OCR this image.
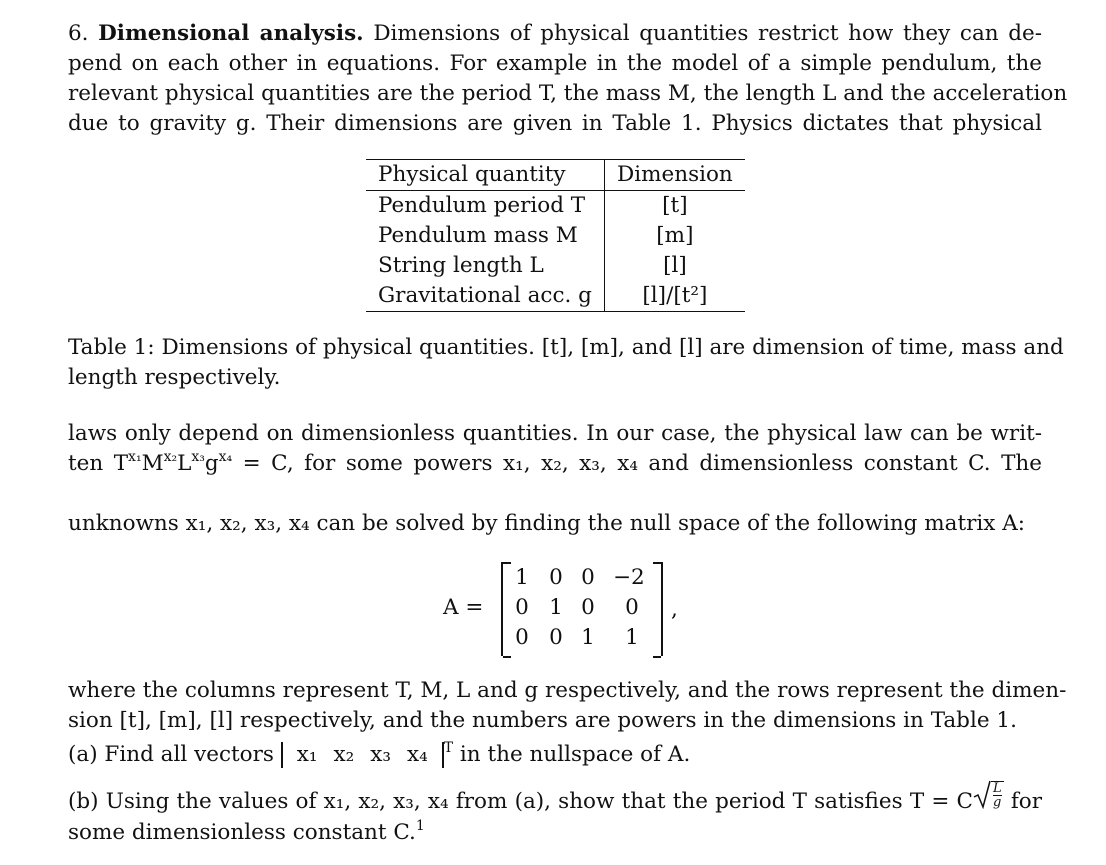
6. Dimensional analysis. Dimensions of physical quantities restrict how they can de-
pend on each other in equations. For example in the model of a simple pendulum, the
relevant physical quantities are the period T, the mass M, the length L and the acceleration
due to gravity g. Their dimensions are given in Table 1. Physics dictates that physical
Physical quantity	Dimension
Pendulum period T	[t]
Pendulum mass M	[m]
String length L	[l]
Gravitational acc. g	[l]/[t²]
Table 1: Dimensions of physical quantities. [t], [m], and [l] are dimension of time, mass and
length respectively.
laws only depend on dimensionless quantities. In our case, the physical law can be writ-
ten $T^{x_1}M^{x_2}L^{x_3}g^{x_4} = C$, for some powers x₁, x₂, x₃, x₄ and dimensionless constant C. The
unknowns x₁, x₂, x₃, x₄ can be solved by finding the null space of the following matrix A:
A =
1 0 0 −2
0 1 0	0
0 0 1	1
,
where the columns represent T, M, L and g respectively, and the rows represent the dimen-
sion [t], [m], [l] respectively, and the numbers are powers in the dimensions in Table 1.
(a) Find all vectors x₁ x₂ x₃ x₄ $^T$ in the nullspace of A.
(b) Using the values of x₁, x₂, x₃, x₄ from (a), show that the period T satisfies T = C $\frac{L}{g}$ for
some dimensionless constant C.$^1$
